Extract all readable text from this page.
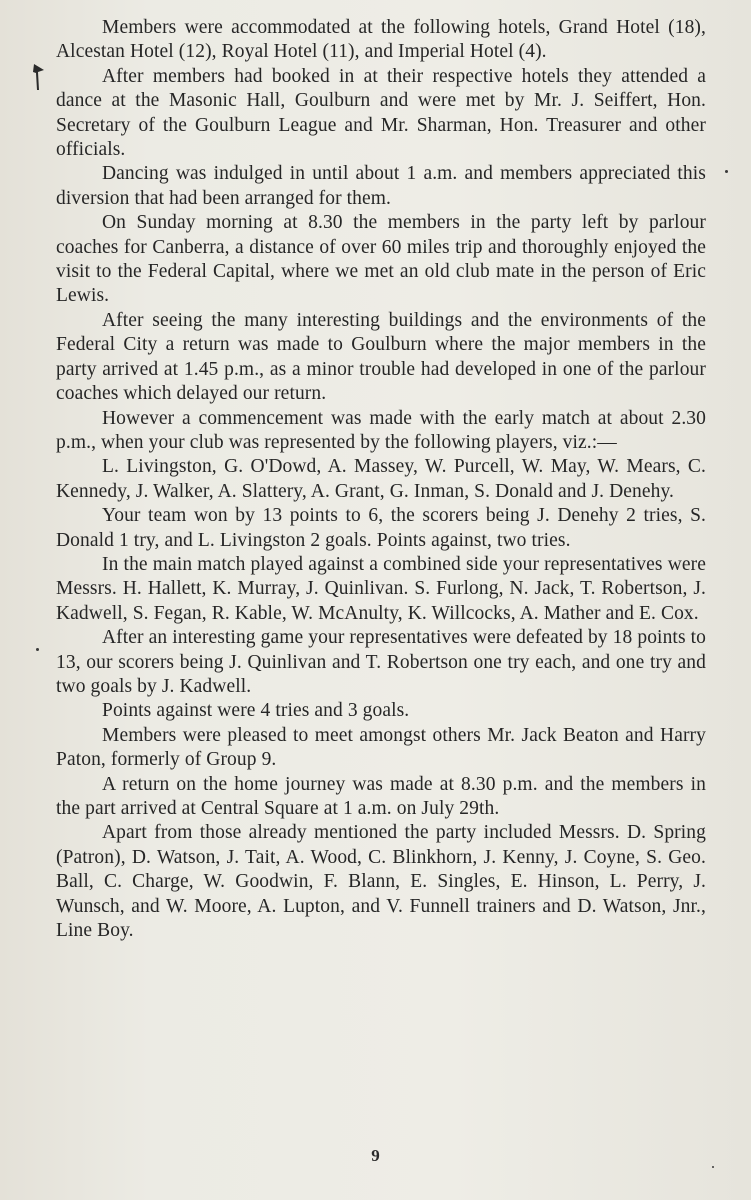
Members were accommodated at the following hotels, Grand Hotel (18), Alcestan Hotel (12), Royal Hotel (11), and Imperial Hotel (4).

After members had booked in at their respective hotels they attended a dance at the Masonic Hall, Goulburn and were met by Mr. J. Seiffert, Hon. Secretary of the Goulburn League and Mr. Sharman, Hon. Treasurer and other officials.

Dancing was indulged in until about 1 a.m. and members appreciated this diversion that had been arranged for them.

On Sunday morning at 8.30 the members in the party left by parlour coaches for Canberra, a distance of over 60 miles trip and thoroughly enjoyed the visit to the Federal Capital, where we met an old club mate in the person of Eric Lewis.

After seeing the many interesting buildings and the environments of the Federal City a return was made to Goulburn where the major members in the party arrived at 1.45 p.m., as a minor trouble had developed in one of the parlour coaches which delayed our return.

However a commencement was made with the early match at about 2.30 p.m., when your club was represented by the following players, viz.:—

L. Livingston, G. O'Dowd, A. Massey, W. Purcell, W. May, W. Mears, C. Kennedy, J. Walker, A. Slattery, A. Grant, G. Inman, S. Donald and J. Denehy.

Your team won by 13 points to 6, the scorers being J. Denehy 2 tries, S. Donald 1 try, and L. Livingston 2 goals. Points against, two tries.

In the main match played against a combined side your representatives were Messrs. H. Hallett, K. Murray, J. Quinlivan. S. Furlong, N. Jack, T. Robertson, J. Kadwell, S. Fegan, R. Kable, W. McAnulty, K. Willcocks, A. Mather and E. Cox.

After an interesting game your representatives were defeated by 18 points to 13, our scorers being J. Quinlivan and T. Robertson one try each, and one try and two goals by J. Kadwell.

Points against were 4 tries and 3 goals.

Members were pleased to meet amongst others Mr. Jack Beaton and Harry Paton, formerly of Group 9.

A return on the home journey was made at 8.30 p.m. and the members in the part arrived at Central Square at 1 a.m. on July 29th.

Apart from those already mentioned the party included Messrs. D. Spring (Patron), D. Watson, J. Tait, A. Wood, C. Blinkhorn, J. Kenny, J. Coyne, S. Geo. Ball, C. Charge, W. Goodwin, F. Blann, E. Singles, E. Hinson, L. Perry, J. Wunsch, and W. Moore, A. Lupton, and V. Funnell trainers and D. Watson, Jnr., Line Boy.

9
